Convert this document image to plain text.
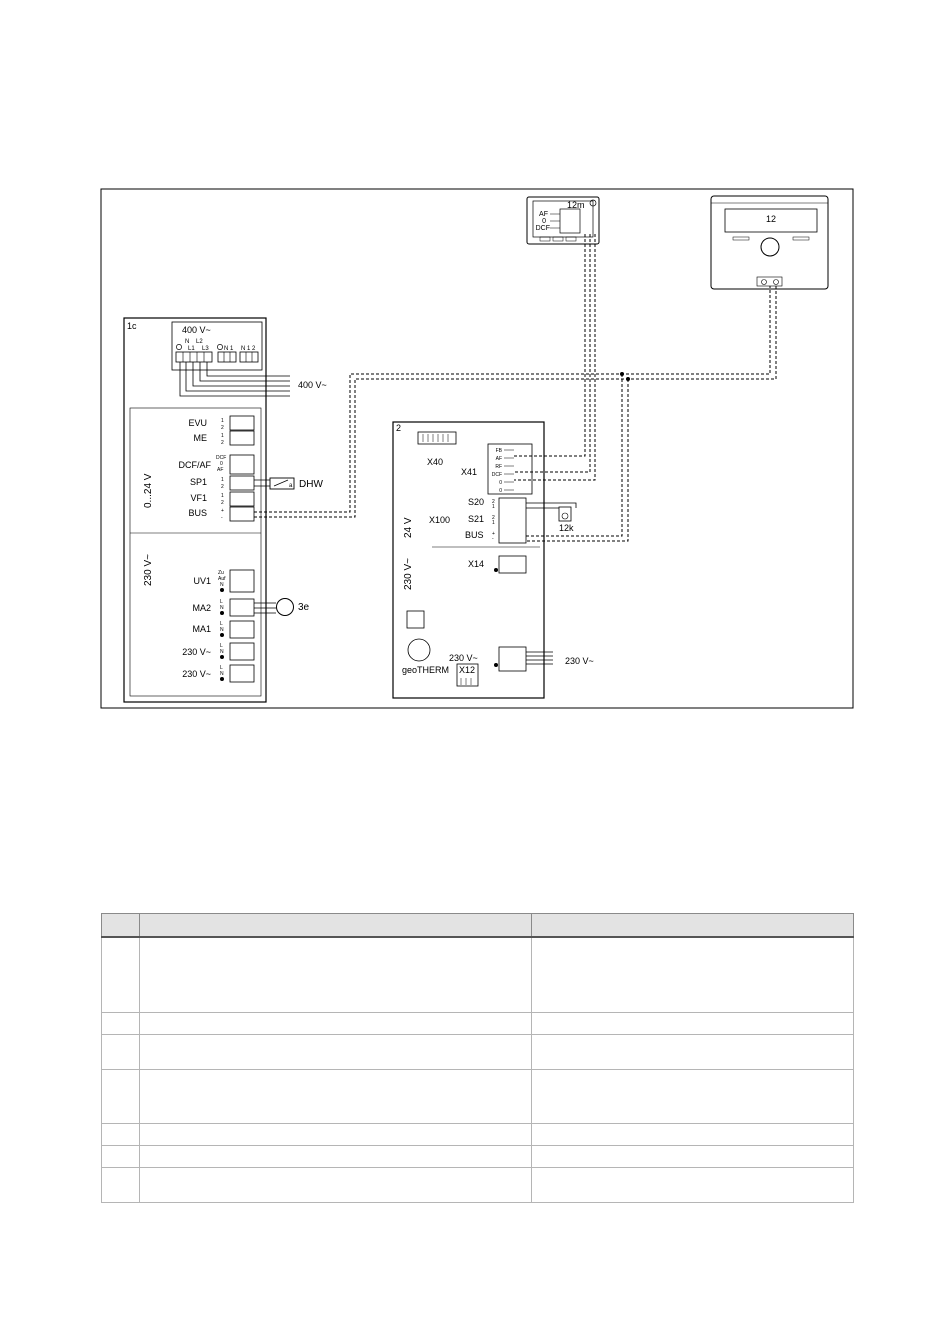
1c	400 V~
N L2
L1 L3	N 1 N 1 2
400 V~
0...24 V
230 V~
EVU	1
2
ME	1
2
DCF/AF
DCF
0
AF
SP1	1
2
VF1	1
2
BUS	+
-
UV1
Zu
Auf
N
MA2
L
N
MA1 L
N
230 V~
L
N
230 V~
L
N
a DHW
3e
2
X40
X41
FB
AF
RF
DCF
0
0
S20
S21
X100
BUS
2
1
2
1
+
-
24 V
230 V~	X14
230 V~
geoTHERM X12
230 V~
12k
12m
AF
0
DCF
12
